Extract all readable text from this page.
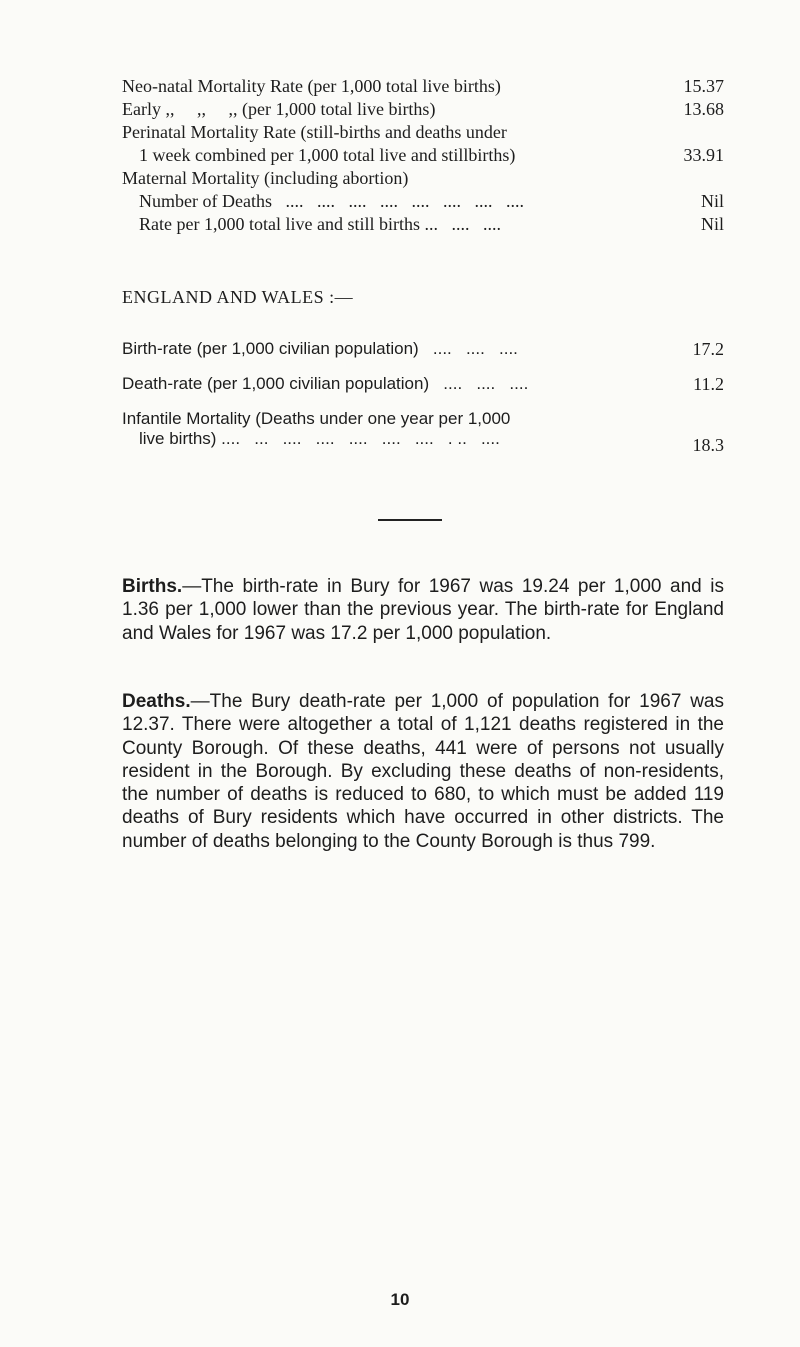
Neo-natal Mortality Rate (per 1,000 total live births)	15.37
Early ,,     ,,     ,, (per 1,000 total live births)	13.68
Perinatal Mortality Rate (still-births and deaths under
1 week combined per 1,000 total live and stillbirths)	33.91
Maternal Mortality (including abortion)
Number of Deaths   ....   ....   ....   ....   ....   ....   ....   ....	Nil
Rate per 1,000 total live and still births ...   ....   ....	Nil
ENGLAND AND WALES :—
Birth-rate (per 1,000 civilian population)   ....   ....   ....	17.2
Death-rate (per 1,000 civilian population)   ....   ....   ....	11.2
Infantile Mortality (Deaths under one year per 1,000
live births) ....   ...   ....   ....   ....   ....   ....   . ..   ....	18.3
Births.—The birth-rate in Bury for 1967 was 19.24 per 1,000 and is 1.36 per 1,000 lower than the previous year. The birth-rate for England and Wales for 1967 was 17.2 per 1,000 population.
Deaths.—The Bury death-rate per 1,000 of population for 1967 was 12.37. There were altogether a total of 1,121 deaths registered in the County Borough. Of these deaths, 441 were of persons not usually resident in the Borough. By excluding these deaths of non-residents, the number of deaths is reduced to 680, to which must be added 119 deaths of Bury residents which have occurred in other districts. The number of deaths belonging to the County Borough is thus 799.
10
